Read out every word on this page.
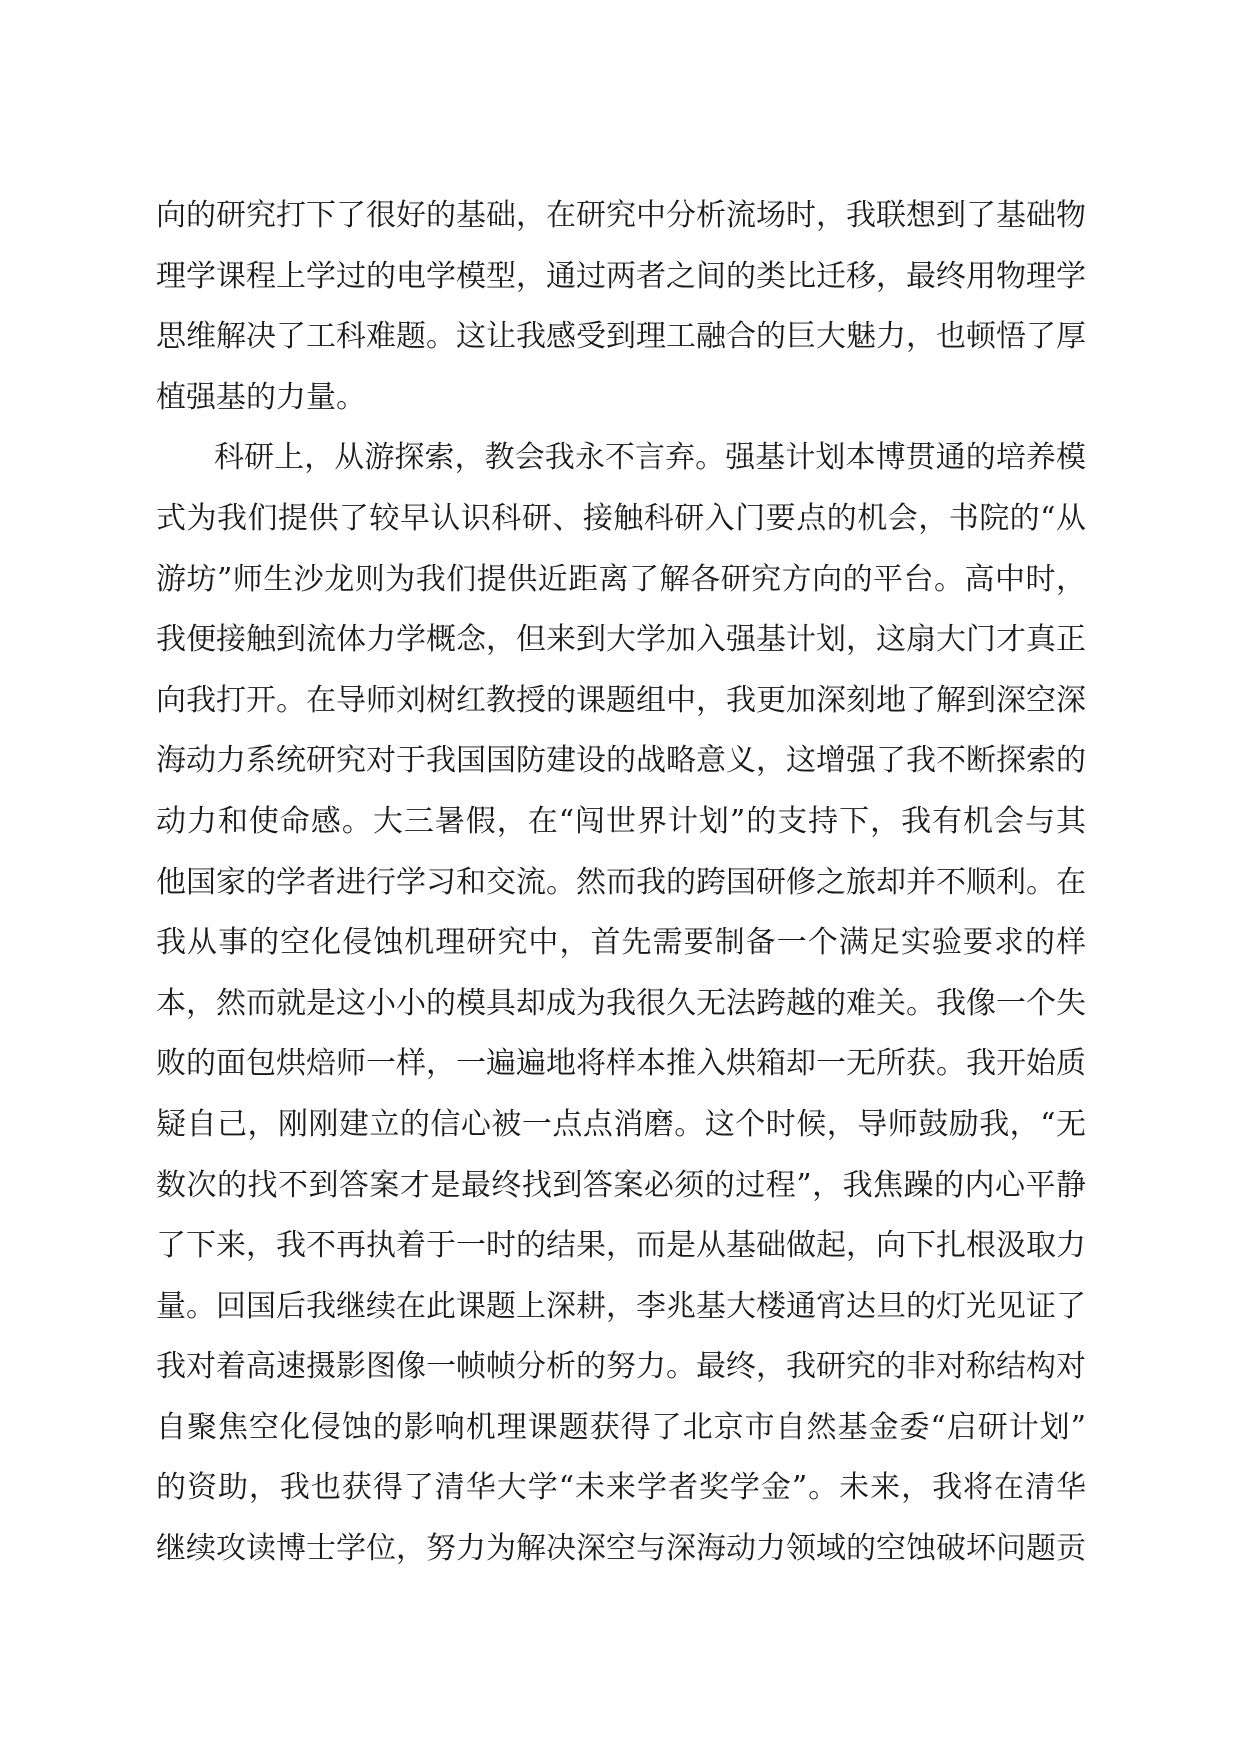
向的研究打下了很好的基础，在研究中分析流场时，我联想到了基础物
理学课程上学过的电学模型，通过两者之间的类比迁移，最终用物理学
思维解决了工科难题。这让我感受到理工融合的巨大魅力，也顿悟了厚
植强基的力量。
科研上，从游探索，教会我永不言弃。强基计划本博贯通的培养模
式为我们提供了较早认识科研、接触科研入门要点的机会，书院的“从
游坊”师生沙龙则为我们提供近距离了解各研究方向的平台。高中时，
我便接触到流体力学概念，但来到大学加入强基计划，这扇大门才真正
向我打开。在导师刘树红教授的课题组中，我更加深刻地了解到深空深
海动力系统研究对于我国国防建设的战略意义，这增强了我不断探索的
动力和使命感。大三暑假，在“闯世界计划”的支持下，我有机会与其
他国家的学者进行学习和交流。然而我的跨国研修之旅却并不顺利。在
我从事的空化侵蚀机理研究中，首先需要制备一个满足实验要求的样
本，然而就是这小小的模具却成为我很久无法跨越的难关。我像一个失
败的面包烘焙师一样，一遍遍地将样本推入烘箱却一无所获。我开始质
疑自己，刚刚建立的信心被一点点消磨。这个时候，导师鼓励我，“无
数次的找不到答案才是最终找到答案必须的过程”，我焦躁的内心平静
了下来，我不再执着于一时的结果，而是从基础做起，向下扎根汲取力
量。回国后我继续在此课题上深耕，李兆基大楼通宵达旦的灯光见证了
我对着高速摄影图像一帧帧分析的努力。最终，我研究的非对称结构对
自聚焦空化侵蚀的影响机理课题获得了北京市自然基金委“启研计划”
的资助，我也获得了清华大学“未来学者奖学金”。未来，我将在清华
继续攻读博士学位，努力为解决深空与深海动力领域的空蚀破坏问题贡
